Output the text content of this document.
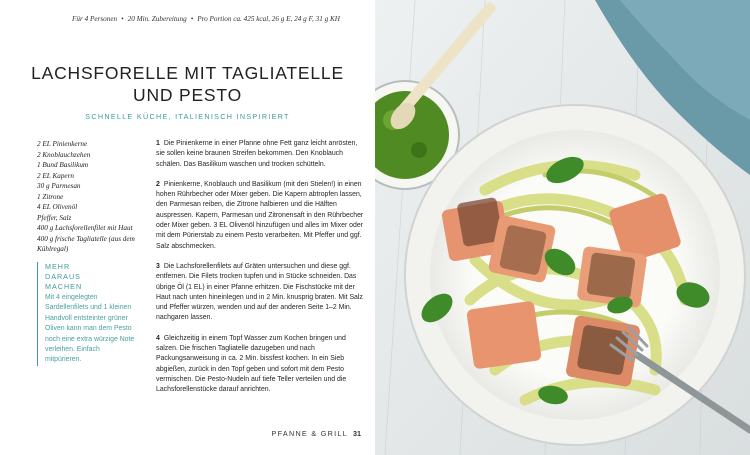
Für 4 Personen • 20 Min. Zubereitung • Pro Portion ca. 425 kcal, 26 g E, 24 g F, 31 g KH
LACHSFORELLE MIT TAGLIATELLE
UND PESTO
SCHNELLE KÜCHE, ITALIENISCH INSPIRIERT
2 EL Pinienkerne
2 Knoblauchzehen
1 Bund Basilikum
2 EL Kapern
30 g Parmesan
1 Zitrone
4 EL Olivenöl
Pfeffer, Salz
400 g Lachsforellenfilet mit Haut
400 g frische Tagliatelle (aus dem Kühlregal)
MEHR DARAUS MACHEN

Mit 4 eingelegten Sardellenfilets und 1 kleinen Handvoll entsteinter grüner Oliven kann man dem Pesto noch eine extra würzige Note verleihen. Einfach mitpürieren.

1 Die Pinienkerne in einer Pfanne ohne Fett ganz leicht anrösten, sie sollen keine braunen Streifen bekommen. Den Knoblauch schälen. Das Basilikum waschen und trocken schütteln.

2 Pinienkerne, Knoblauch und Basilikum (mit den Stielen!) in einen hohen Rührbecher oder Mixer geben. Die Kapern abtropfen lassen, den Parmesan reiben, die Zitrone halbieren und die Hälften auspressen. Kapern, Parmesan und Zitronensaft in den Rührbecher oder Mixer geben. 3 EL Olivenöl hinzufügen und alles im Mixer oder mit dem Pürierstab zu einem Pesto verarbeiten. Mit Pfeffer und ggf. Salz abschmecken.

3 Die Lachsforellenfilets auf Gräten untersuchen und diese ggf. entfernen. Die Filets trocken tupfen und in Stücke schneiden. Das übrige Öl (1 EL) in einer Pfanne erhitzen. Die Fischstücke mit der Haut nach unten hineinlegen und in 2 Min. knusprig braten. Mit Salz und Pfeffer würzen, wenden und auf der anderen Seite 1–2 Min. nachgaren lassen.

4 Gleichzeitig in einem Topf Wasser zum Kochen bringen und salzen. Die frischen Tagliatelle dazugeben und nach Packungsanweisung in ca. 2 Min. bissfest kochen. In ein Sieb abgießen, zurück in den Topf geben und sofort mit dem Pesto vermischen. Die Pesto-Nudeln auf tiefe Teller verteilen und die Lachsforellenstücke darauf anrichten.

PFANNE & GRILL 31
